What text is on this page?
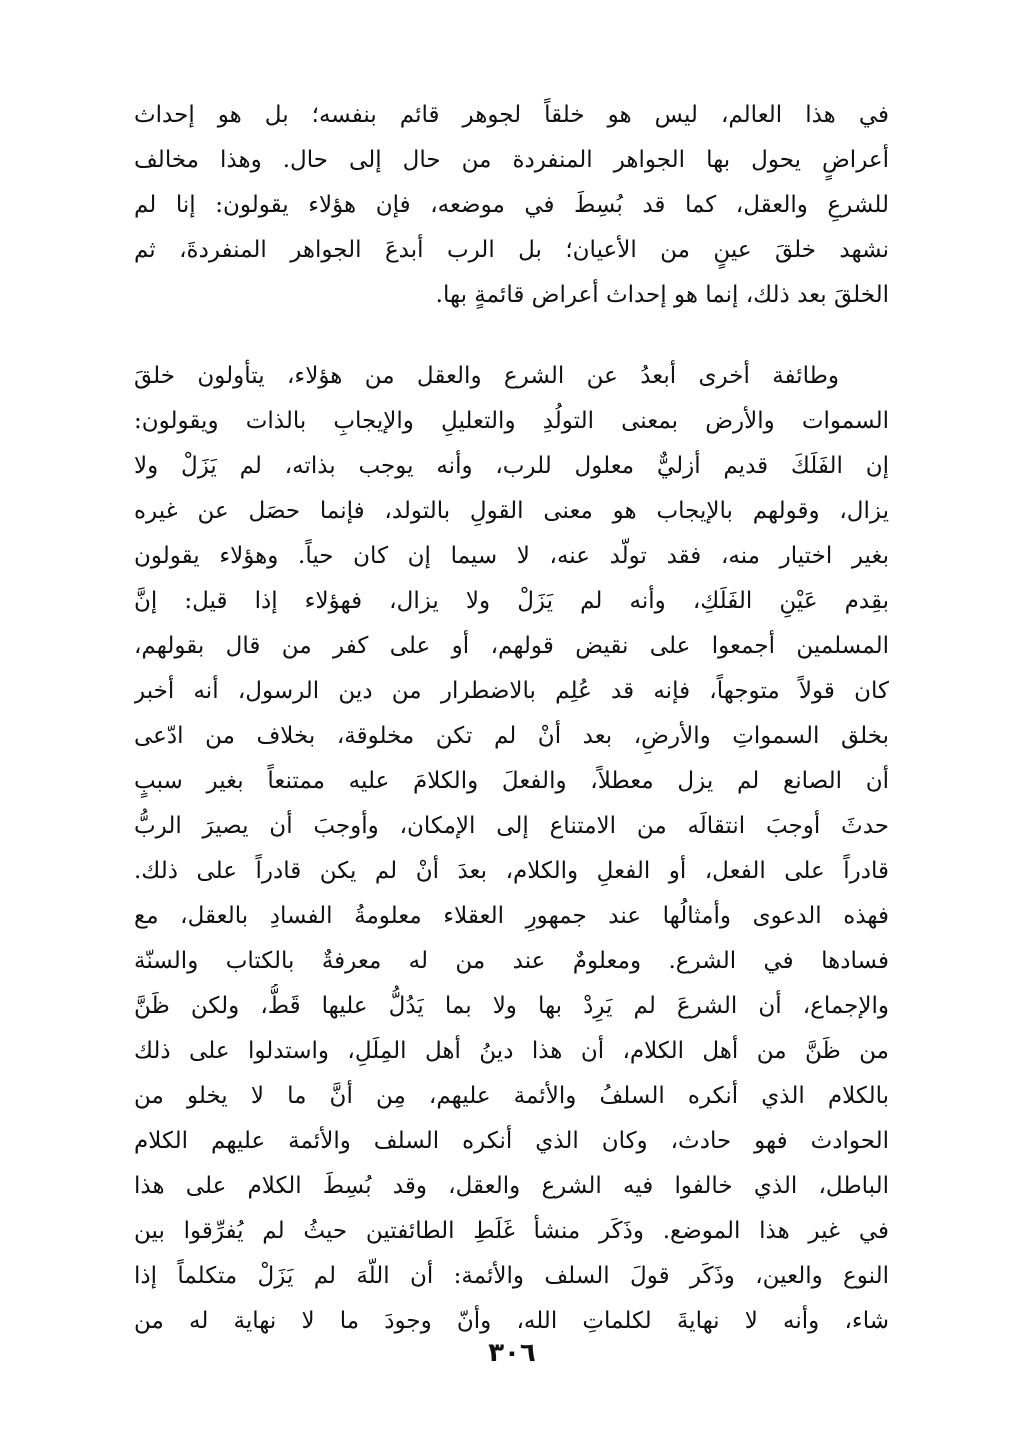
في هذا العالم، ليس هو خلقاً لجوهر قائم بنفسه؛ بل هو إحداث
أعراضٍ يحول بها الجواهر المنفردة من حال إلى حال. وهذا مخالف
للشرعِ والعقل، كما قد بُسِطَ في موضعه، فإن هؤلاء يقولون: إنا لم
نشهد خلقَ عينٍ من الأعيان؛ بل الرب أبدعَ الجواهر المنفردةَ، ثم
الخلقَ بعد ذلك، إنما هو إحداث أعراض قائمةٍ بها.
وطائفة أخرى أبعدُ عن الشرع والعقل من هؤلاء، يتأولون خلقَ
السموات والأرض بمعنى التولُدِ والتعليلِ والإيجابِ بالذات ويقولون:
إن الفَلَكَ قديم أزليٌّ معلول للرب، وأنه يوجب بذاته، لم يَزَلْ ولا
يزال، وقولهم بالإيجاب هو معنى القولِ بالتولد، فإنما حصَل عن غيره
بغير اختيار منه، فقد تولّد عنه، لا سيما إن كان حياً. وهؤلاء يقولون
بقِدم عَيْنِ الفَلَكِ، وأنه لم يَزَلْ ولا يزال، فهؤلاء إذا قيل: إنَّ
المسلمين أجمعوا على نقيض قولهم، أو على كفر من قال بقولهم،
كان قولاً متوجهاً، فإنه قد عُلِم بالاضطرار من دين الرسول، أنه أخبر
بخلق السمواتِ والأرضِ، بعد أنْ لم تكن مخلوقة، بخلاف من ادّعى
أن الصانع لم يزل معطلاً، والفعلَ والكلامَ عليه ممتنعاً بغير سببٍ
حدثَ أوجبَ انتقالَه من الامتناع إلى الإمكان، وأوجبَ أن يصيرَ الربُّ
قادراً على الفعل، أو الفعلِ والكلام، بعدَ أنْ لم يكن قادراً على ذلك.
فهذه الدعوى وأمثالُها عند جمهورِ العقلاء معلومةُ الفسادِ بالعقل، مع
فسادها في الشرع. ومعلومٌ عند من له معرفةٌ بالكتاب والسنّة
والإجماع، أن الشرعَ لم يَرِدْ بها ولا بما يَدُلُّ عليها قَطُّ، ولكن ظَنَّ
من ظَنَّ من أهل الكلام، أن هذا دينُ أهل المِلَلِ، واستدلوا على ذلك
بالكلام الذي أنكره السلفُ والأئمة عليهم، مِن أنَّ ما لا يخلو من
الحوادث فهو حادث، وكان الذي أنكره السلف والأئمة عليهم الكلام
الباطل، الذي خالفوا فيه الشرع والعقل، وقد بُسِطَ الكلام على هذا
في غير هذا الموضع. وذَكَر منشأ غَلَطِ الطائفتين حيثُ لم يُفرِّقوا بين
النوع والعين، وذَكَر قولَ السلف والأئمة: أن اللّهَ لم يَزَلْ متكلماً إذا
شاء، وأنه لا نهايةَ لكلماتِ الله، وأنّ وجودَ ما لا نهاية له من
٣٠٦
